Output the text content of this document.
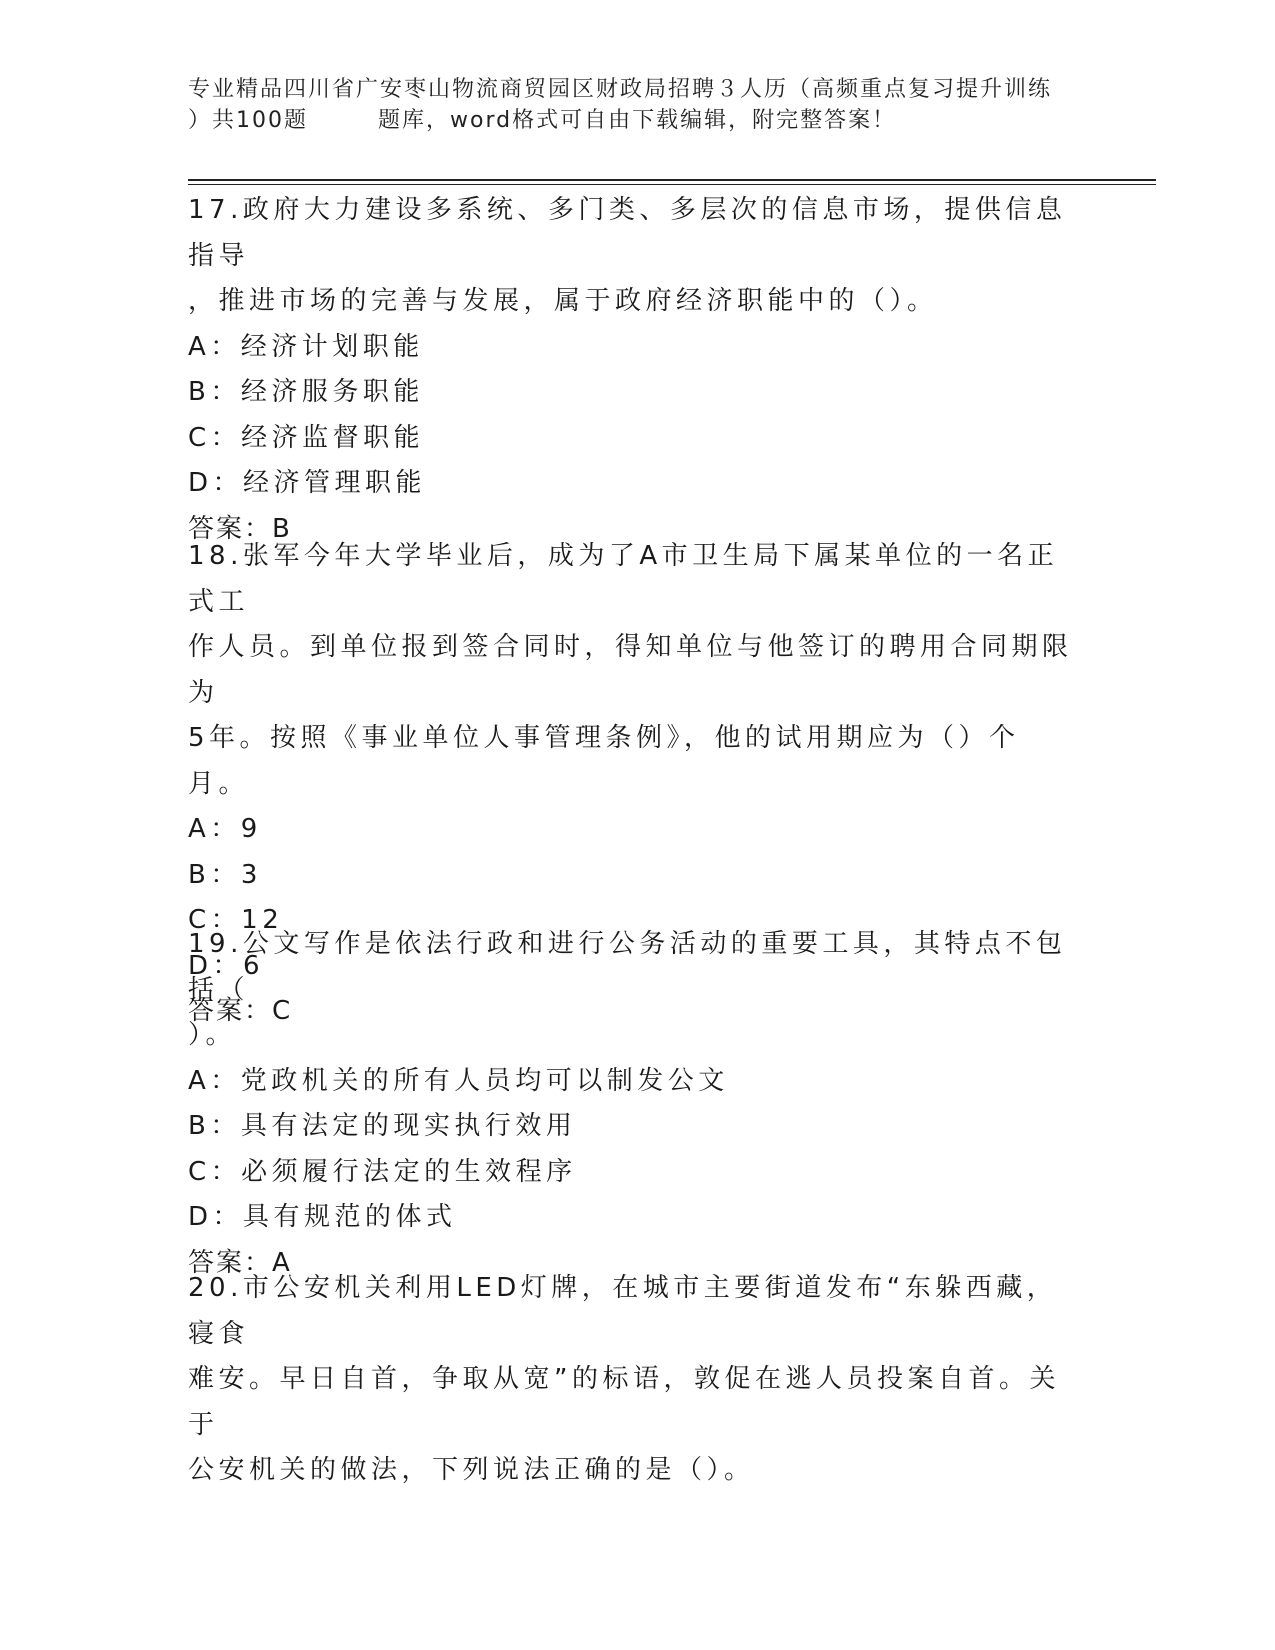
专业精品四川省广安枣山物流商贸园区财政局招聘３人历（高频重点复习提升训练
）共100题	题库，word格式可自由下载编辑，附完整答案！
17.政府大力建设多系统、多门类、多层次的信息市场，提供信息指导
，推进市场的完善与发展，属于政府经济职能中的（）。
A：经济计划职能
B：经济服务职能
C：经济监督职能
D：经济管理职能
答案：B
18.张军今年大学毕业后，成为了A市卫生局下属某单位的一名正式工
作人员。到单位报到签合同时，得知单位与他签订的聘用合同期限为
5年。按照《事业单位人事管理条例》，他的试用期应为（）个月。
A：9
B：3
C：12
D：6
答案：C
19.公文写作是依法行政和进行公务活动的重要工具，其特点不包括（
）。
A：党政机关的所有人员均可以制发公文
B：具有法定的现实执行效用
C：必须履行法定的生效程序
D：具有规范的体式
答案：A
20.市公安机关利用LED灯牌，在城市主要街道发布“东躲西藏，寝食
难安。早日自首，争取从宽”的标语，敦促在逃人员投案自首。关于
公安机关的做法，下列说法正确的是（）。
